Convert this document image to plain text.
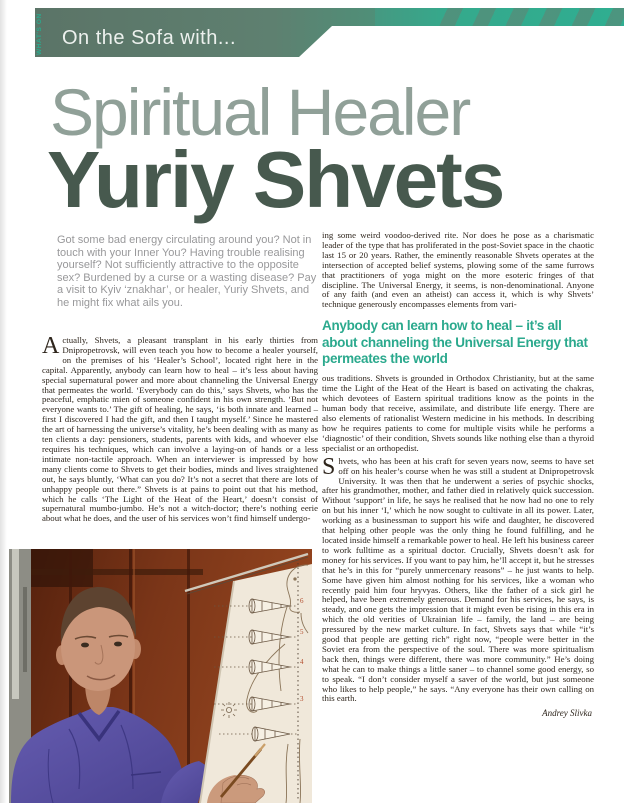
WHAT'S ON On the Sofa with...
Spiritual Healer
Yuriy Shvets

Got some bad energy circulating around you? Not in touch with your Inner You? Having trouble realising yourself? Not sufficiently attractive to the opposite sex? Burdened by a curse or a wasting disease? Pay a visit to Kyiv ‘znakhar’, or healer, Yuriy Shvets, and he might fix what ails you.

Actually, Shvets, a pleasant transplant in his early thirties from Dnipropetrovsk, will even teach you how to become a healer yourself, on the premises of his ‘Healer’s School’, located right here in the capital. Apparently, anybody can learn how to heal – it’s less about having special supernatural power and more about channeling the Universal Energy that permeates the world. ‘Everybody can do this,’ says Shvets, who has the peaceful, emphatic mien of someone confident in his own strength. ‘But not everyone wants to.’ The gift of healing, he says, ‘is both innate and learned – first I discovered I had the gift, and then I taught myself.’ Since he mastered the art of harnessing the universe’s vitality, he’s been dealing with as many as ten clients a day: pensioners, students, parents with kids, and whoever else requires his techniques, which can involve a laying-on of hands or a less intimate non-tactile approach. When an interviewer is impressed by how many clients come to Shvets to get their bodies, minds and lives straightened out, he says bluntly, ‘What can you do? It’s not a secret that there are lots of unhappy people out there.” Shvets is at pains to point out that his method, which he calls ‘The Light of the Heat of the Heart,’ doesn’t consist of supernatural mumbo-jumbo. He’s not a witch-doctor; there’s nothing eerie about what he does, and the user of his services won’t find himself undergo-

ing some weird voodoo-derived rite. Nor does he pose as a charismatic leader of the type that has proliferated in the post-Soviet space in the chaotic last 15 or 20 years. Rather, the eminently reasonable Shvets operates at the intersection of accepted belief systems, plowing some of the same furrows that practitioners of yoga might on the more esoteric fringes of that discipline. The Universal Energy, it seems, is non-denominational. Anyone of any faith (and even an atheist) can access it, which is why Shvets’ technique generously encompasses elements from vari-

Anybody can learn how to heal – it’s all about channeling the Universal Energy that permeates the world

ous traditions. Shvets is grounded in Orthodox Christianity, but at the same time the Light of the Heat of the Heart is based on activating the chakras, which devotees of Eastern spiritual traditions know as the points in the human body that receive, assimilate, and distribute life energy. There are also elements of rationalist Western medicine in his methods. In describing how he requires patients to come for multiple visits while he performs a ‘diagnostic’ of their condition, Shvets sounds like nothing else than a thyroid specialist or an orthopedist.

Shvets, who has been at his craft for seven years now, seems to have set off on his healer’s course when he was still a student at Dnipropetrovsk University. It was then that he underwent a series of psychic shocks, after his grandmother, mother, and father died in relatively quick succession. Without ‘support’ in life, he says he realised that he now had no one to rely on but his inner ‘I,’ which he now sought to cultivate in all its power. Later, working as a businessman to support his wife and daughter, he discovered that helping other people was the only thing he found fulfilling, and he located inside himself a remarkable power to heal. He left his business career to work fulltime as a spiritual doctor. Crucially, Shvets doesn’t ask for money for his services. If you want to pay him, he’ll accept it, but he stresses that he’s in this for “purely unmercenary reasons” – he just wants to help. Some have given him almost nothing for his services, like a woman who recently paid him four hryvyas. Others, like the father of a sick girl he helped, have been extremely generous. Demand for his services, he says, is steady, and one gets the impression that it might even be rising in this era in which the old verities of Ukrainian life – family, the land – are being pressured by the new market culture. In fact, Shvets says that while “it’s good that people are getting rich” right now, “people were better in the Soviet era from the perspective of the soul. There was more spiritualism back then, things were different, there was more community.” He’s doing what he can to make things a little saner – to channel some good energy, so to speak. “I don’t consider myself a saver of the world, but just someone who likes to help people,” he says. “Any everyone has their own calling on this earth.

Andrey Slivka

6
5
4
3
